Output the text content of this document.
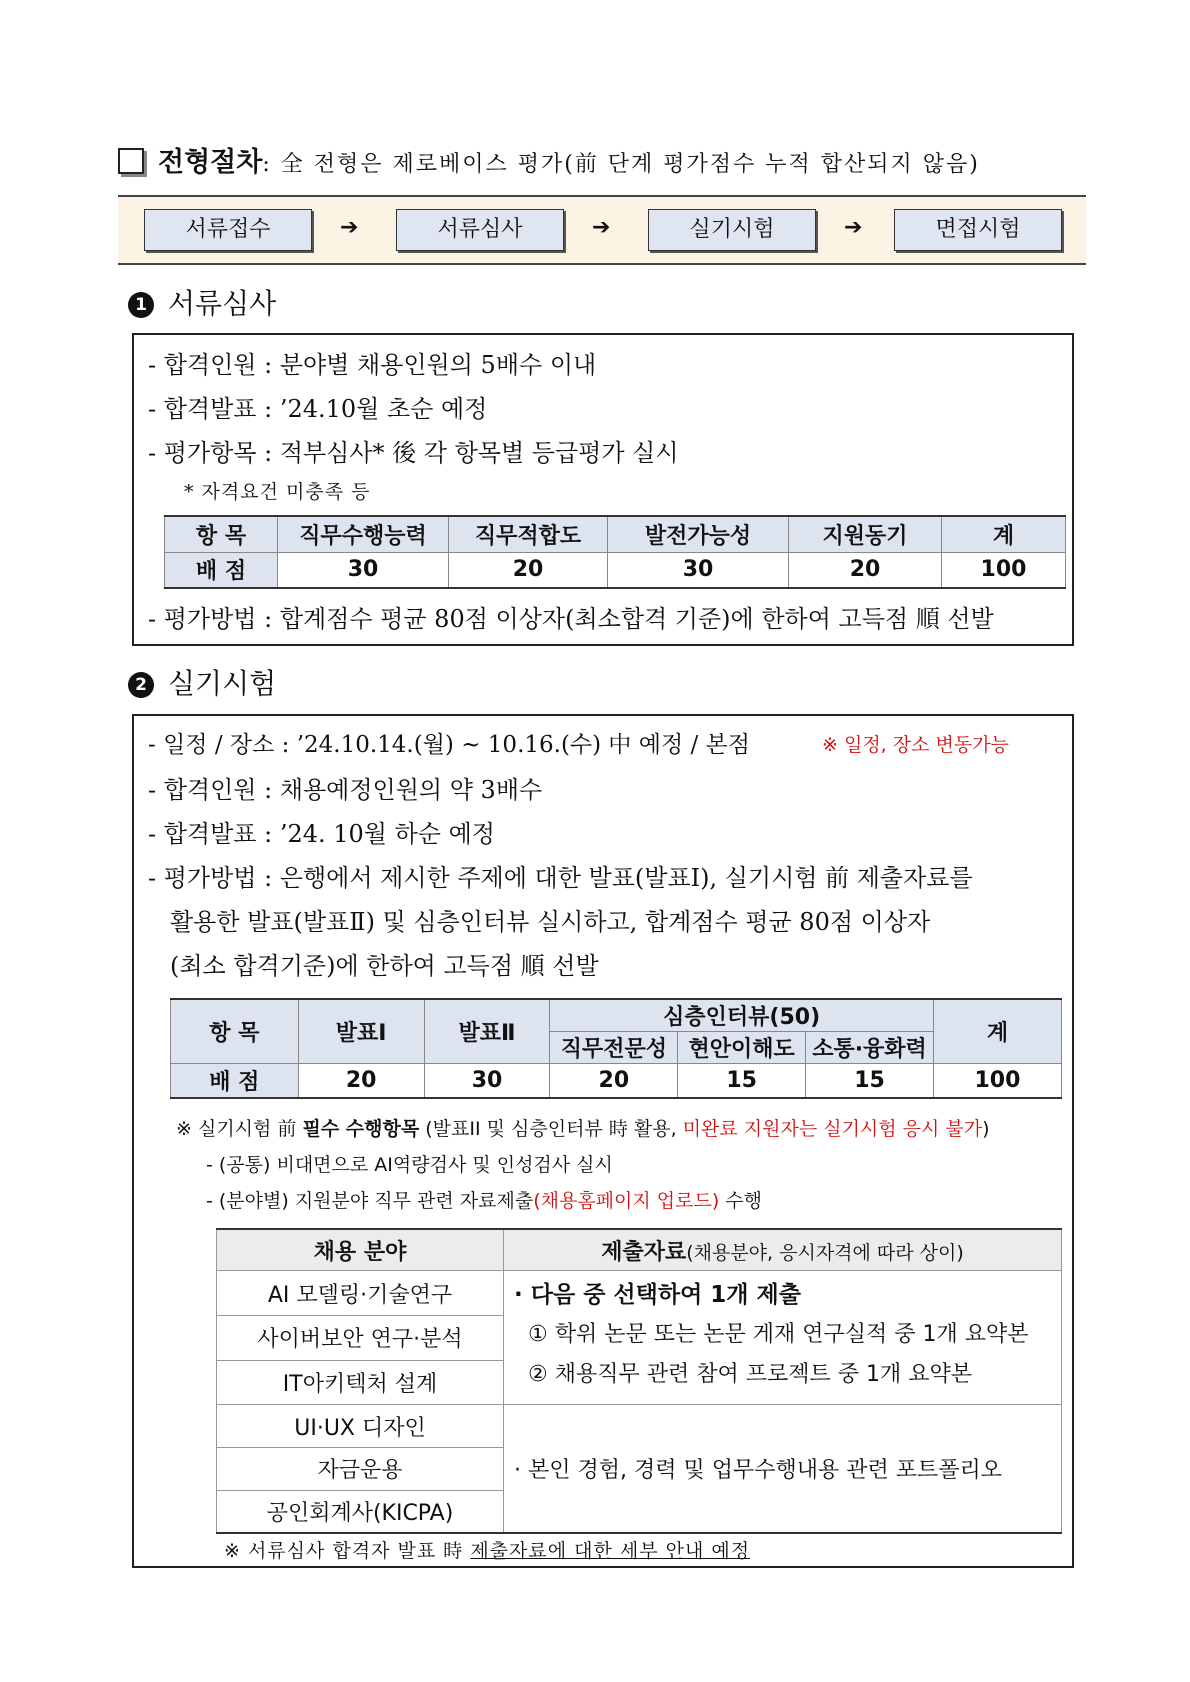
전형절차: 全 전형은 제로베이스 평가(前 단계 평가점수 누적 합산되지 않음)
서류접수	➔	서류심사	➔	실기시험	➔	면접시험
1 서류심사
- 합격인원 : 분야별 채용인원의 5배수 이내
- 합격발표 : ’24.10월 초순 예정
- 평가항목 : 적부심사* 後 각 항목별 등급평가 실시
* 자격요건 미충족 등
항 목	직무수행능력	직무적합도	발전가능성	지원동기	계
배 점	30	20	30	20	100
- 평가방법 : 합계점수 평균 80점 이상자(최소합격 기준)에 한하여 고득점 順 선발
2 실기시험
- 일정 / 장소 : ’24.10.14.(월) ~ 10.16.(수) 中 예정 / 본점	※ 일정, 장소 변동가능
- 합격인원 : 채용예정인원의 약 3배수
- 합격발표 : ’24. 10월 하순 예정
- 평가방법 : 은행에서 제시한 주제에 대한 발표(발표Ⅰ), 실기시험 前 제출자료를
활용한 발표(발표Ⅱ) 및 심층인터뷰 실시하고, 합계점수 평균 80점 이상자
(최소 합격기준)에 한하여 고득점 順 선발
항 목	발표Ⅰ	발표Ⅱ	심층인터뷰(50)			계
			직무전문성	현안이해도	소통·융화력	
배 점	20	30	20	15	15	100
※ 실기시험 前 필수 수행항목 (발표II 및 심층인터뷰 時 활용, 미완료 지원자는 실기시험 응시 불가)
- (공통) 비대면으로 AI역량검사 및 인성검사 실시
- (분야별) 지원분야 직무 관련 자료제출(채용홈페이지 업로드) 수행
채용 분야	제출자료(채용분야, 응시자격에 따라 상이)
AI 모델링·기술연구	· 다음 중 선택하여 1개 제출
① 학위 논문 또는 논문 게재 연구실적 중 1개 요약본
② 채용직무 관련 참여 프로젝트 중 1개 요약본

사이버보안 연구·분석	
IT아키텍처 설계	
UI·UX 디자인	· 본인 경험, 경력 및 업무수행내용 관련 포트폴리오
자금운용	
공인회계사(KICPA)	
※ 서류심사 합격자 발표 時 제출자료에 대한 세부 안내 예정
